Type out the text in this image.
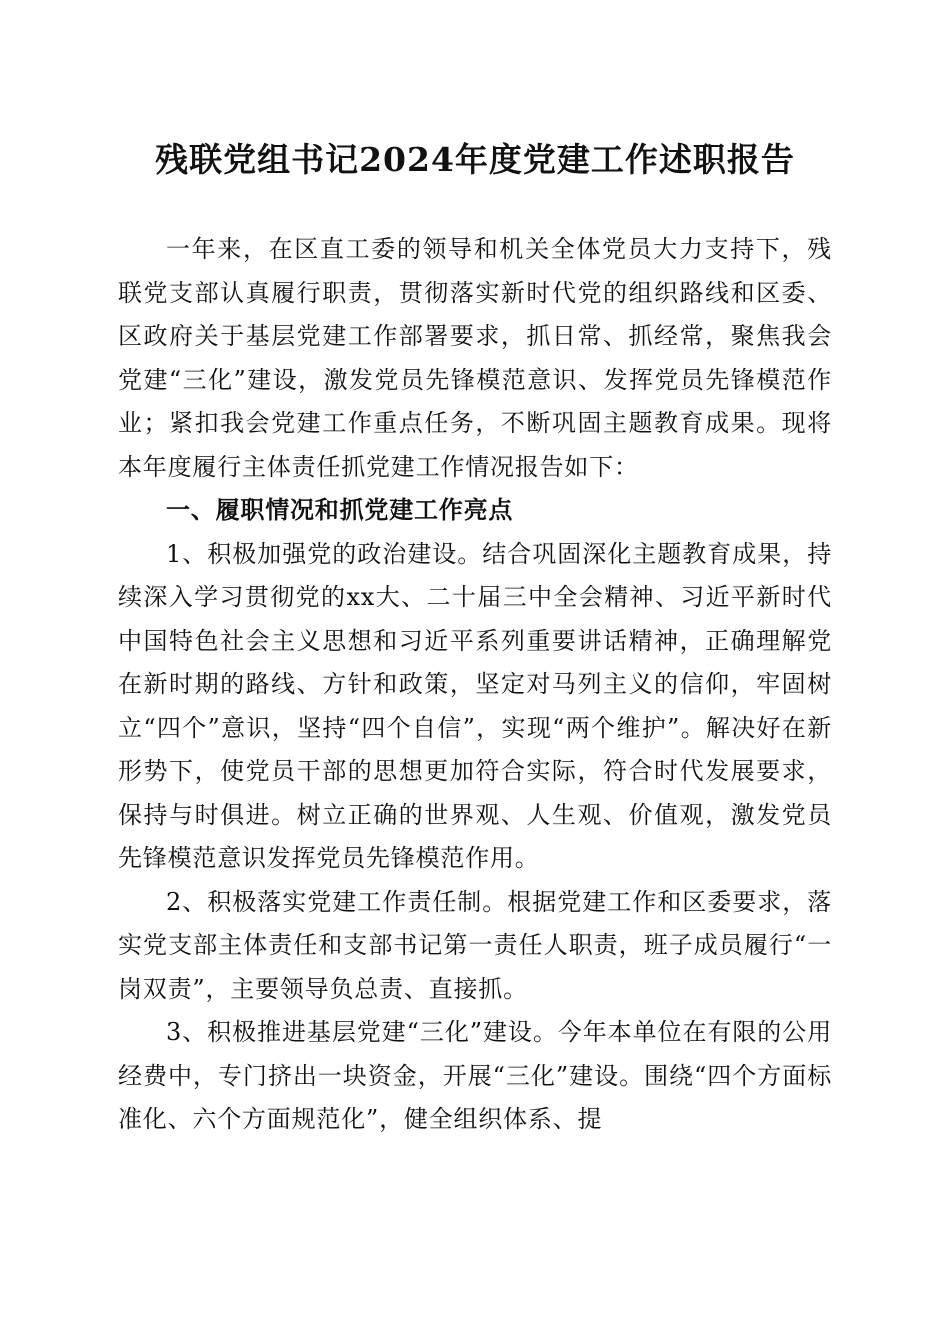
残联党组书记2024年度党建工作述职报告

一年来，在区直工委的领导和机关全体党员大力支持下，残联党支部认真履行职责，贯彻落实新时代党的组织路线和区委、区政府关于基层党建工作部署要求，抓日常、抓经常，聚焦我会党建“三化”建设，激发党员先锋模范意识、发挥党员先锋模范作业；紧扣我会党建工作重点任务，不断巩固主题教育成果。现将本年度履行主体责任抓党建工作情况报告如下：

一、履职情况和抓党建工作亮点

1、积极加强党的政治建设。结合巩固深化主题教育成果，持续深入学习贯彻党的xx大、二十届三中全会精神、习近平新时代中国特色社会主义思想和习近平系列重要讲话精神，正确理解党在新时期的路线、方针和政策，坚定对马列主义的信仰，牢固树立“四个”意识，坚持“四个自信”，实现“两个维护”。解决好在新形势下，使党员干部的思想更加符合实际，符合时代发展要求，保持与时俱进。树立正确的世界观、人生观、价值观，激发党员先锋模范意识发挥党员先锋模范作用。

2、积极落实党建工作责任制。根据党建工作和区委要求，落实党支部主体责任和支部书记第一责任人职责，班子成员履行“一岗双责”，主要领导负总责、直接抓。

3、积极推进基层党建“三化”建设。今年本单位在有限的公用经费中，专门挤出一块资金，开展“三化”建设。围绕“四个方面标准化、六个方面规范化”，健全组织体系、提
